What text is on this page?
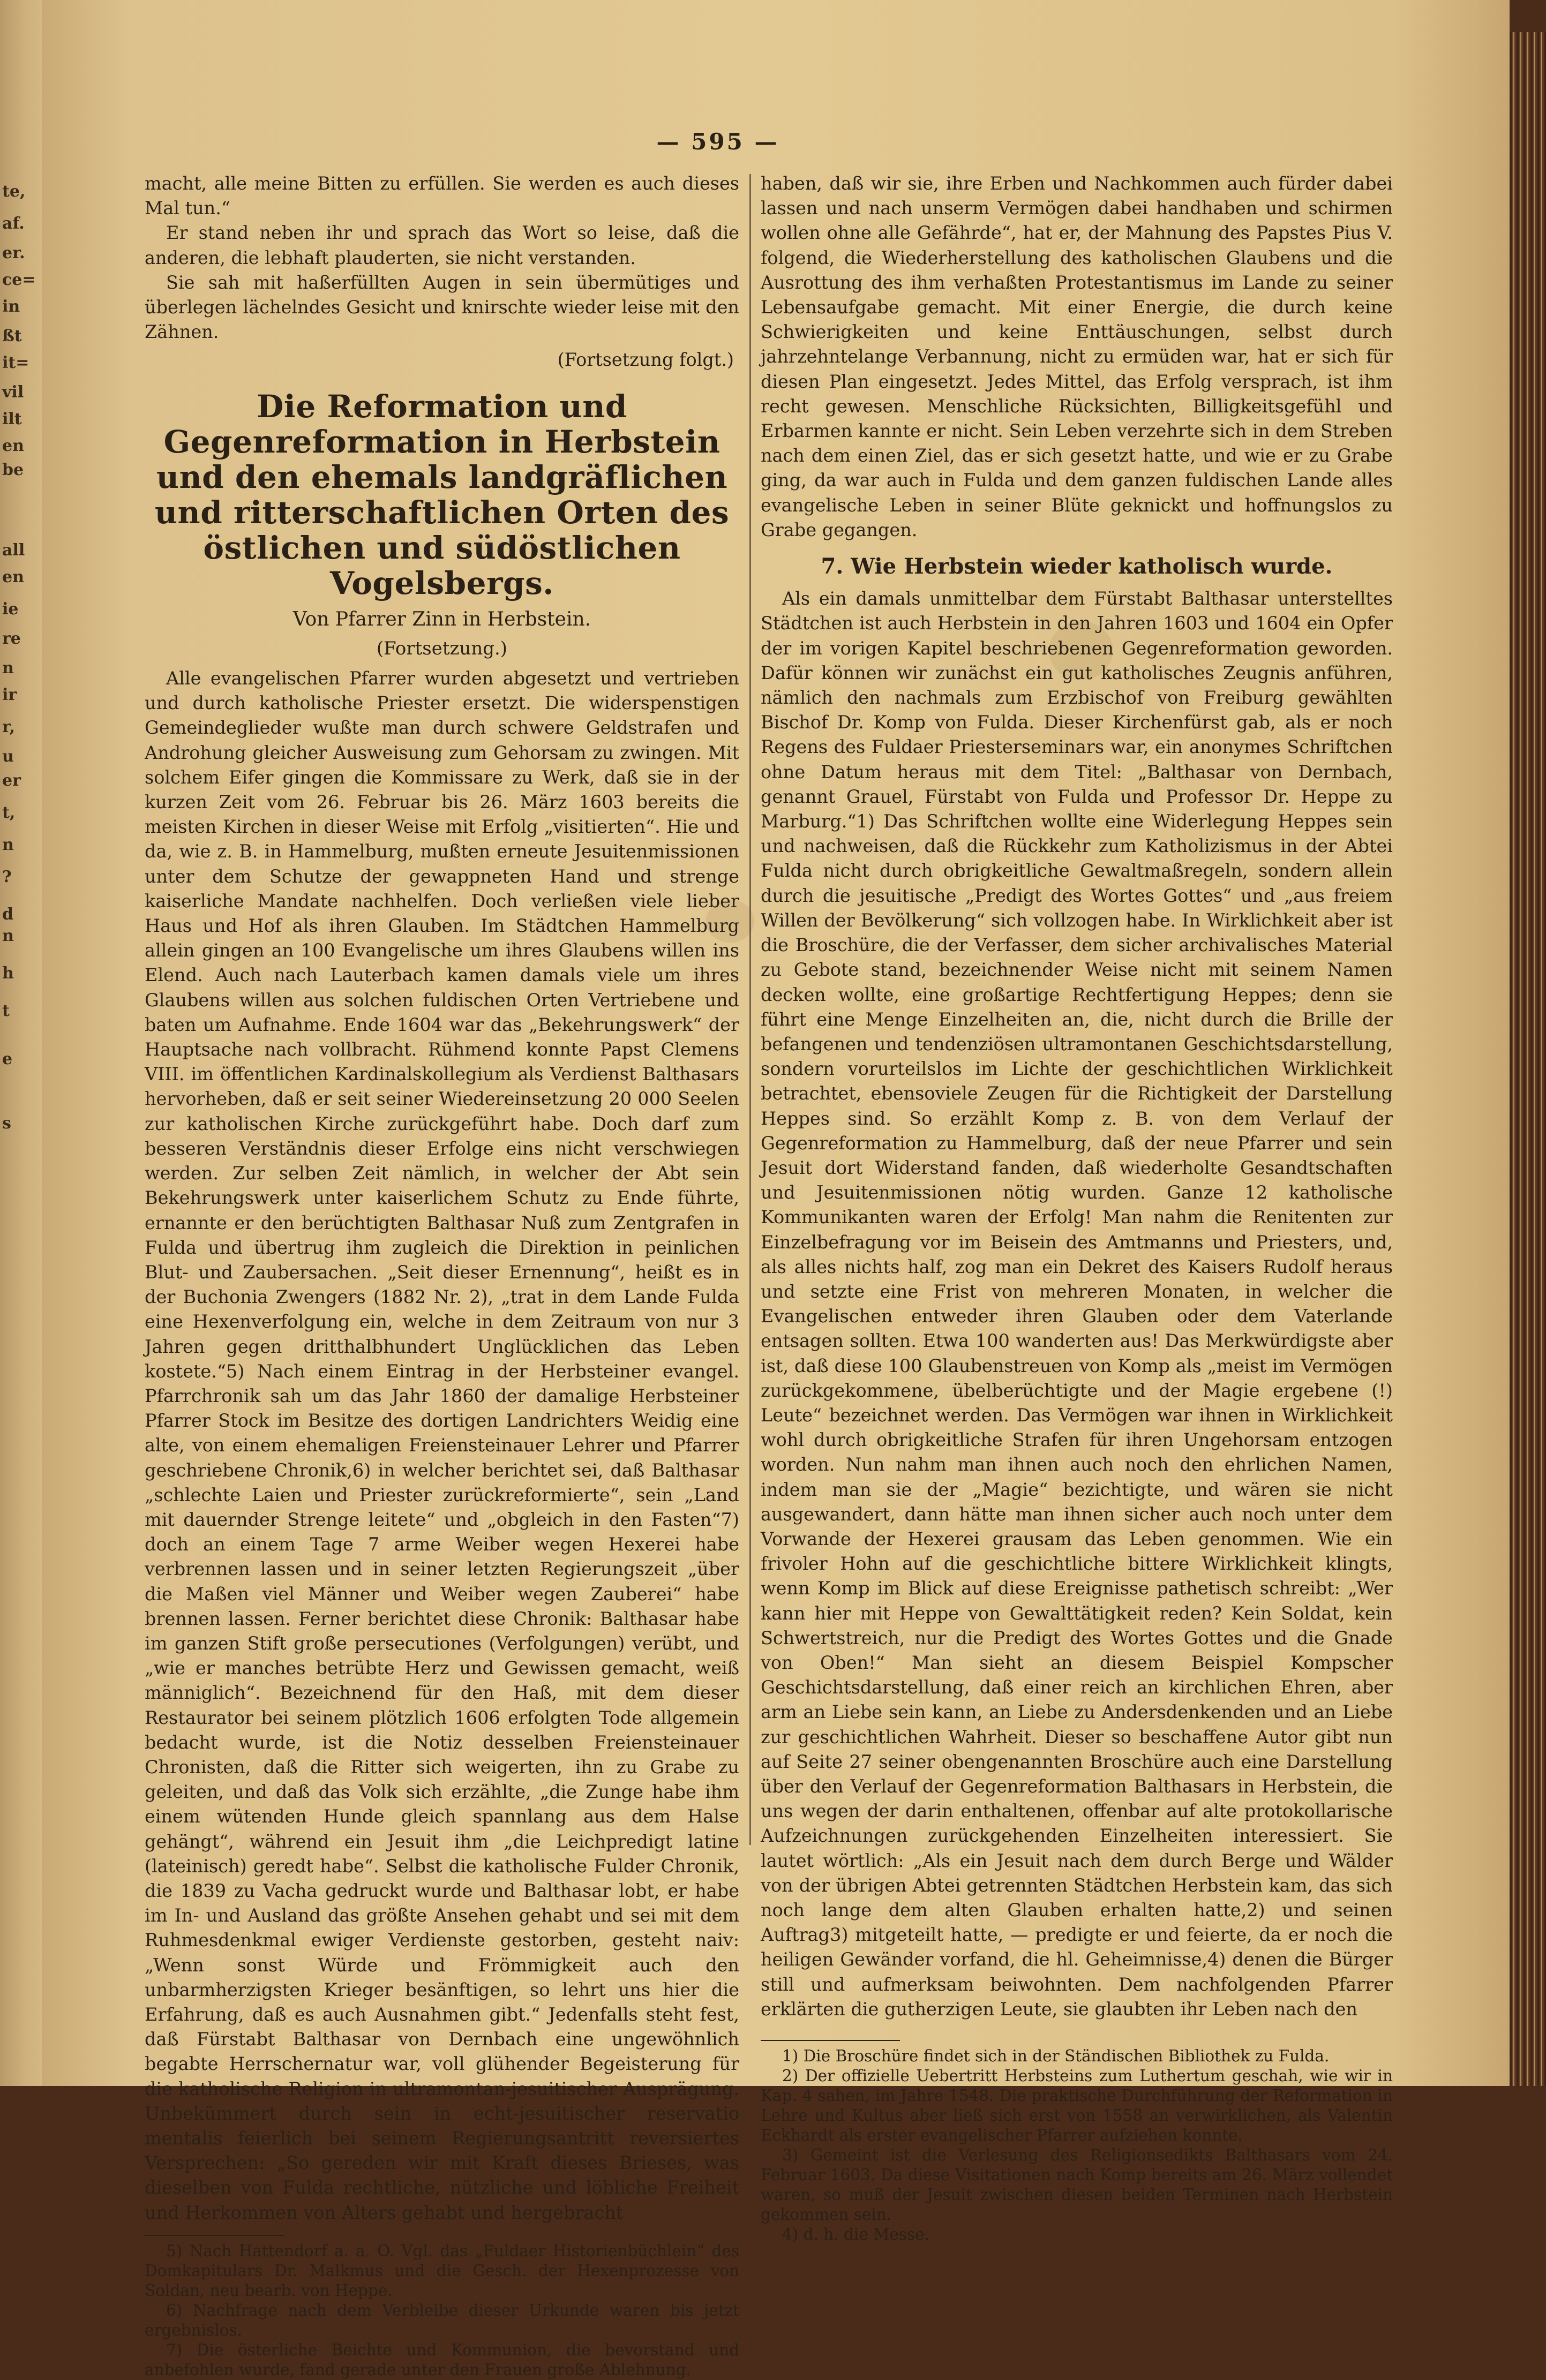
te,
af.
er.
ce=
in
ßt
it=
vil
ilt
en
be
all
en
ie
re
n
ir
r,
u
er
t,
n
?
d
n
h
t
e
s
— 595 —

macht, alle meine Bitten zu erfüllen. Sie werden es auch dieses Mal tun.“

Er stand neben ihr und sprach das Wort so leise, daß die anderen, die lebhaft plauderten, sie nicht verstanden.

Sie sah mit haßerfüllten Augen in sein übermütiges und überlegen lächelndes Gesicht und knirschte wieder leise mit den Zähnen.

(Fortsetzung folgt.)

Die Reformation und Gegenreformation in Herbstein und den ehemals landgräflichen und ritterschaftlichen Orten des östlichen und südöstlichen Vogelsbergs.
Von Pfarrer Zinn in Herbstein.
(Fortsetzung.)

Alle evangelischen Pfarrer wurden abgesetzt und vertrieben und durch katholische Priester ersetzt. Die widerspenstigen Gemeindeglieder wußte man durch schwere Geldstrafen und Androhung gleicher Ausweisung zum Gehorsam zu zwingen. Mit solchem Eifer gingen die Kommissare zu Werk, daß sie in der kurzen Zeit vom 26. Februar bis 26. März 1603 bereits die meisten Kirchen in dieser Weise mit Erfolg „visitierten“. Hie und da, wie z. B. in Hammelburg, mußten erneute Jesuitenmissionen unter dem Schutze der gewappneten Hand und strenge kaiserliche Mandate nachhelfen. Doch verließen viele lieber Haus und Hof als ihren Glauben. Im Städtchen Hammelburg allein gingen an 100 Evangelische um ihres Glaubens willen ins Elend. Auch nach Lauterbach kamen damals viele um ihres Glaubens willen aus solchen fuldischen Orten Vertriebene und baten um Aufnahme. Ende 1604 war das „Bekehrungswerk“ der Hauptsache nach vollbracht. Rühmend konnte Papst Clemens VIII. im öffentlichen Kardinalskollegium als Verdienst Balthasars hervorheben, daß er seit seiner Wiedereinsetzung 20 000 Seelen zur katholischen Kirche zurückgeführt habe. Doch darf zum besseren Verständnis dieser Erfolge eins nicht verschwiegen werden. Zur selben Zeit nämlich, in welcher der Abt sein Bekehrungswerk unter kaiserlichem Schutz zu Ende führte, ernannte er den berüchtigten Balthasar Nuß zum Zentgrafen in Fulda und übertrug ihm zugleich die Direktion in peinlichen Blut- und Zaubersachen. „Seit dieser Ernennung“, heißt es in der Buchonia Zwengers (1882 Nr. 2), „trat in dem Lande Fulda eine Hexenverfolgung ein, welche in dem Zeitraum von nur 3 Jahren gegen dritthalbhundert Unglücklichen das Leben kostete.“5) Nach einem Eintrag in der Herbsteiner evangel. Pfarrchronik sah um das Jahr 1860 der damalige Herbsteiner Pfarrer Stock im Besitze des dortigen Landrichters Weidig eine alte, von einem ehemaligen Freiensteinauer Lehrer und Pfarrer geschriebene Chronik,6) in welcher berichtet sei, daß Balthasar „schlechte Laien und Priester zurückreformierte“, sein „Land mit dauernder Strenge leitete“ und „obgleich in den Fasten“7) doch an einem Tage 7 arme Weiber wegen Hexerei habe verbrennen lassen und in seiner letzten Regierungszeit „über die Maßen viel Männer und Weiber wegen Zauberei“ habe brennen lassen. Ferner berichtet diese Chronik: Balthasar habe im ganzen Stift große persecutiones (Verfolgungen) verübt, und „wie er manches betrübte Herz und Gewissen gemacht, weiß männiglich“. Bezeichnend für den Haß, mit dem dieser Restaurator bei seinem plötzlich 1606 erfolgten Tode allgemein bedacht wurde, ist die Notiz desselben Freiensteinauer Chronisten, daß die Ritter sich weigerten, ihn zu Grabe zu geleiten, und daß das Volk sich erzählte, „die Zunge habe ihm einem wütenden Hunde gleich spannlang aus dem Halse gehängt“, während ein Jesuit ihm „die Leichpredigt latine (lateinisch) geredt habe“. Selbst die katholische Fulder Chronik, die 1839 zu Vacha gedruckt wurde und Balthasar lobt, er habe im In- und Ausland das größte Ansehen gehabt und sei mit dem Ruhmesdenkmal ewiger Verdienste gestorben, gesteht naiv: „Wenn sonst Würde und Frömmigkeit auch den unbarmherzigsten Krieger besänftigen, so lehrt uns hier die Erfahrung, daß es auch Ausnahmen gibt.“ Jedenfalls steht fest, daß Fürstabt Balthasar von Dernbach eine ungewöhnlich begabte Herrschernatur war, voll glühender Begeisterung für die katholische Religion in ultramontan-jesuitischer Ausprägung. Unbekümmert durch sein in echt-jesuitischer reservatio mentalis feierlich bei seinem Regierungsantritt reversiertes Versprechen: „So gereden wir mit Kraft dieses Brieses, was dieselben von Fulda rechtliche, nützliche und löbliche Freiheit und Herkommen von Alters gehabt und hergebracht

5) Nach Hattendorf a. a. O. Vgl. das „Fuldaer Historienbüchlein“ des Domkapitulars Dr. Malkmus und die Gesch. der Hexenprozesse von Soldan, neu bearb. von Heppe.

6) Nachfrage nach dem Verbleibe dieser Urkunde waren bis jetzt ergebnislos.

7) Die österliche Beichte und Kommunion, die bevorstand und anbefohlen wurde, fand gerade unter den Frauen große Ablehnung.

haben, daß wir sie, ihre Erben und Nachkommen auch fürder dabei lassen und nach unserm Vermögen dabei handhaben und schirmen wollen ohne alle Gefährde“, hat er, der Mahnung des Papstes Pius V. folgend, die Wiederherstellung des katholischen Glaubens und die Ausrottung des ihm verhaßten Protestantismus im Lande zu seiner Lebensaufgabe gemacht. Mit einer Energie, die durch keine Schwierigkeiten und keine Enttäuschungen, selbst durch jahrzehntelange Verbannung, nicht zu ermüden war, hat er sich für diesen Plan eingesetzt. Jedes Mittel, das Erfolg versprach, ist ihm recht gewesen. Menschliche Rücksichten, Billigkeitsgefühl und Erbarmen kannte er nicht. Sein Leben verzehrte sich in dem Streben nach dem einen Ziel, das er sich gesetzt hatte, und wie er zu Grabe ging, da war auch in Fulda und dem ganzen fuldischen Lande alles evangelische Leben in seiner Blüte geknickt und hoffnungslos zu Grabe gegangen.

7. Wie Herbstein wieder katholisch wurde.

Als ein damals unmittelbar dem Fürstabt Balthasar unterstelltes Städtchen ist auch Herbstein in den Jahren 1603 und 1604 ein Opfer der im vorigen Kapitel beschriebenen Gegenreformation geworden. Dafür können wir zunächst ein gut katholisches Zeugnis anführen, nämlich den nachmals zum Erzbischof von Freiburg gewählten Bischof Dr. Komp von Fulda. Dieser Kirchenfürst gab, als er noch Regens des Fuldaer Priesterseminars war, ein anonymes Schriftchen ohne Datum heraus mit dem Titel: „Balthasar von Dernbach, genannt Grauel, Fürstabt von Fulda und Professor Dr. Heppe zu Marburg.“1) Das Schriftchen wollte eine Widerlegung Heppes sein und nachweisen, daß die Rückkehr zum Katholizismus in der Abtei Fulda nicht durch obrigkeitliche Gewaltmaßregeln, sondern allein durch die jesuitische „Predigt des Wortes Gottes“ und „aus freiem Willen der Bevölkerung“ sich vollzogen habe. In Wirklichkeit aber ist die Broschüre, die der Verfasser, dem sicher archivalisches Material zu Gebote stand, bezeichnender Weise nicht mit seinem Namen decken wollte, eine großartige Rechtfertigung Heppes; denn sie führt eine Menge Einzelheiten an, die, nicht durch die Brille der befangenen und tendenziösen ultramontanen Geschichtsdarstellung, sondern vorurteilslos im Lichte der geschichtlichen Wirklichkeit betrachtet, ebensoviele Zeugen für die Richtigkeit der Darstellung Heppes sind. So erzählt Komp z. B. von dem Verlauf der Gegenreformation zu Hammelburg, daß der neue Pfarrer und sein Jesuit dort Widerstand fanden, daß wiederholte Gesandtschaften und Jesuitenmissionen nötig wurden. Ganze 12 katholische Kommunikanten waren der Erfolg! Man nahm die Renitenten zur Einzelbefragung vor im Beisein des Amtmanns und Priesters, und, als alles nichts half, zog man ein Dekret des Kaisers Rudolf heraus und setzte eine Frist von mehreren Monaten, in welcher die Evangelischen entweder ihren Glauben oder dem Vaterlande entsagen sollten. Etwa 100 wanderten aus! Das Merkwürdigste aber ist, daß diese 100 Glaubenstreuen von Komp als „meist im Vermögen zurückgekommene, übelberüchtigte und der Magie ergebene (!) Leute“ bezeichnet werden. Das Vermögen war ihnen in Wirklichkeit wohl durch obrigkeitliche Strafen für ihren Ungehorsam entzogen worden. Nun nahm man ihnen auch noch den ehrlichen Namen, indem man sie der „Magie“ bezichtigte, und wären sie nicht ausgewandert, dann hätte man ihnen sicher auch noch unter dem Vorwande der Hexerei grausam das Leben genommen. Wie ein frivoler Hohn auf die geschichtliche bittere Wirklichkeit klingts, wenn Komp im Blick auf diese Ereignisse pathetisch schreibt: „Wer kann hier mit Heppe von Gewalttätigkeit reden? Kein Soldat, kein Schwertstreich, nur die Predigt des Wortes Gottes und die Gnade von Oben!“ Man sieht an diesem Beispiel Kompscher Geschichtsdarstellung, daß einer reich an kirchlichen Ehren, aber arm an Liebe sein kann, an Liebe zu Andersdenkenden und an Liebe zur geschichtlichen Wahrheit. Dieser so beschaffene Autor gibt nun auf Seite 27 seiner obengenannten Broschüre auch eine Darstellung über den Verlauf der Gegenreformation Balthasars in Herbstein, die uns wegen der darin enthaltenen, offenbar auf alte protokollarische Aufzeichnungen zurückgehenden Einzelheiten interessiert. Sie lautet wörtlich: „Als ein Jesuit nach dem durch Berge und Wälder von der übrigen Abtei getrennten Städtchen Herbstein kam, das sich noch lange dem alten Glauben erhalten hatte,2) und seinen Auftrag3) mitgeteilt hatte, — predigte er und feierte, da er noch die heiligen Gewänder vorfand, die hl. Geheimnisse,4) denen die Bürger still und aufmerksam beiwohnten. Dem nachfolgenden Pfarrer erklärten die gutherzigen Leute, sie glaubten ihr Leben nach den

1) Die Broschüre findet sich in der Ständischen Bibliothek zu Fulda.

2) Der offizielle Uebertritt Herbsteins zum Luthertum geschah, wie wir in Kap. 4 sahen, im Jahre 1548. Die praktische Durchführung der Reformation in Lehre und Kultus aber ließ sich erst von 1558 an verwirklichen, als Valentin Eckhardt als erster evangelischer Pfarrer aufziehen konnte.

3) Gemeint ist die Verlesung des Religionsedikts Balthasars vom 24. Februar 1603. Da diese Visitationen nach Komp bereits am 26. März vollendet waren, so muß der Jesuit zwischen diesen beiden Terminen nach Herbstein gekommen sein.

4) d. h. die Messe.
